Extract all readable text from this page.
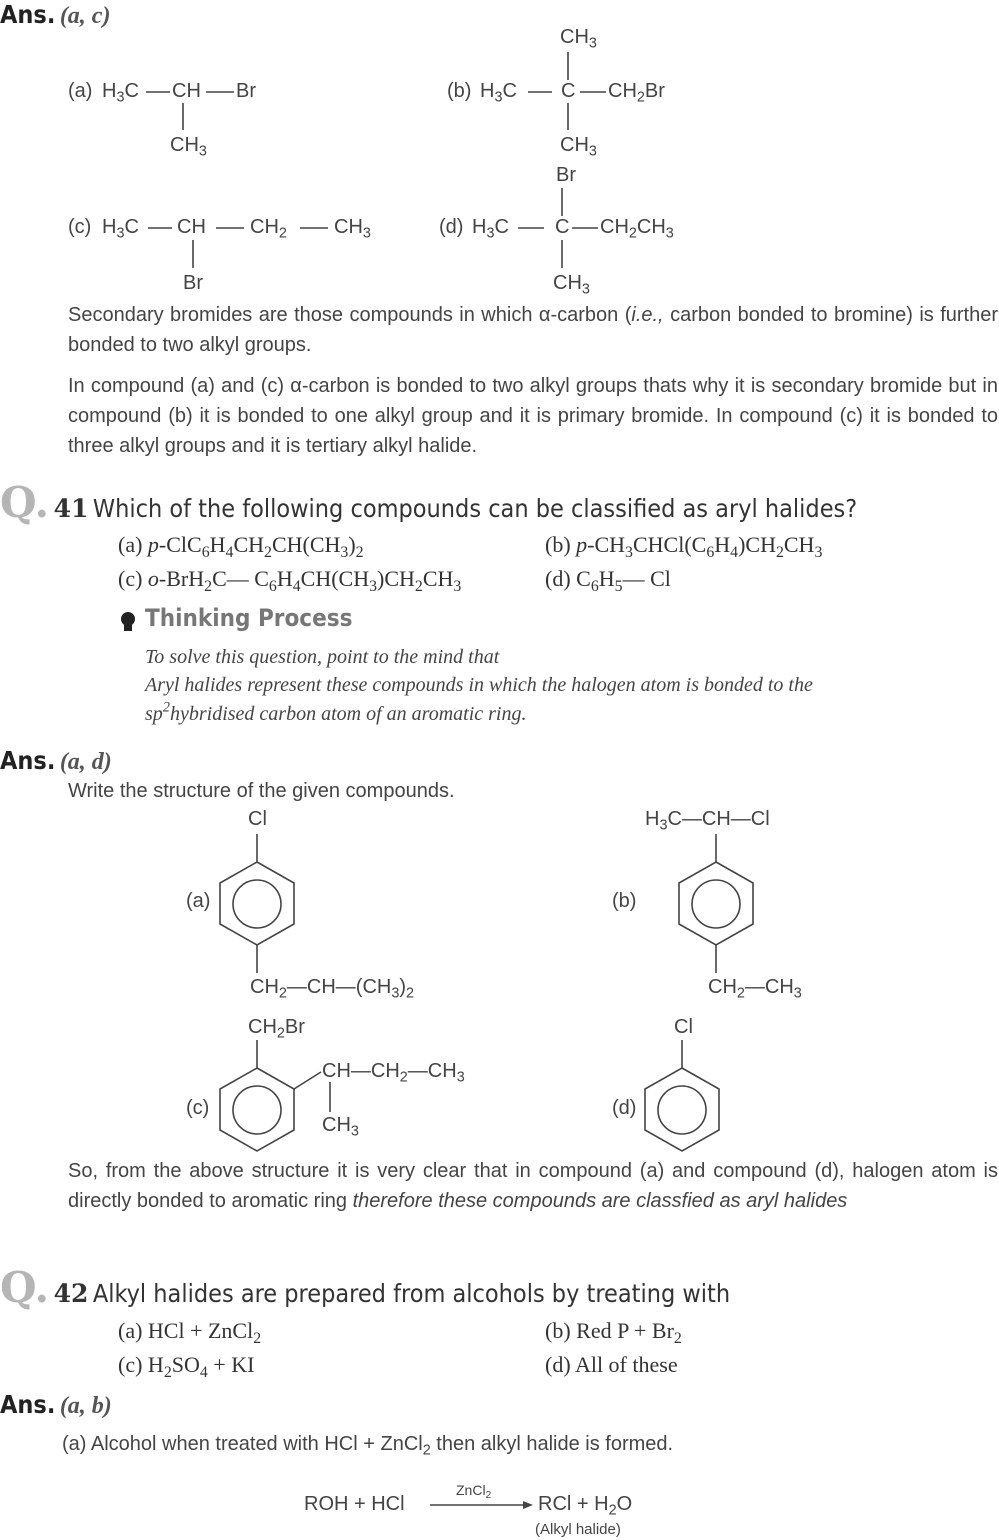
Ans. (a, c)
(a) $H_3C$ CH Br
$CH_3$
$CH_3$
(b) $H_3C$ C $CH_2Br$
$CH_3$
Br
(c) $H_3C$ CH $CH_2$ $CH_3$
Br
(d) $H_3C$ C $CH_2CH_3$
$CH_3$
Secondary bromides are those compounds in which α-carbon (i.e., carbon bonded to bromine) is further bonded to two alkyl groups.
In compound (a) and (c) α-carbon is bonded to two alkyl groups thats why it is secondary bromide but in compound (b) it is bonded to one alkyl group and it is primary bromide. In compound (c) it is bonded to three alkyl groups and it is tertiary alkyl halide.
Q. 41 Which of the following compounds can be classified as aryl halides?
(a) $p-ClC_6H_4CH_2CH(CH_3)_2$	(b) $p-CH_3CHCl(C_6H_4)CH_2CH_3$
(c) o-BrH$_2$C— $C_6H_4CH(CH_3)CH_2CH_3$	(d) $C_6H_5—$ Cl
Thinking Process
To solve this question, point to the mind that
Aryl halides represent these compounds in which the halogen atom is bonded to the
$sp^2hybridised$ carbon atom of an aromatic ring.
Ans. (a, d)
Write the structure of the given compounds.
Cl
(a)
$CH_2—CH—(CH_3)_2$
$H_3C—CH—Cl$
(b)
$CH_2—CH_3$
$CH_2Br$
$CH—CH_2—CH_3$
(c)
$CH_3$
Cl
(d)
So, from the above structure it is very clear that in compound (a) and compound (d), halogen atom is directly bonded to aromatic ring therefore these compounds are classfied as aryl halides
Q. 42 Alkyl halides are prepared from alcohols by treating with
(a) HCl + ZnCl$_2$	(b) Red $P + Br_2$
(c) $H_2SO_4$ + KI	(d) All of these
Ans. (a, b)
(a) Alcohol when treated with HCl + ZnCl$_2$ then alkyl halide is formed.
ROH + HCl
ZnCl$_2$ RCl + $H_2O$
(Alkyl halide)
